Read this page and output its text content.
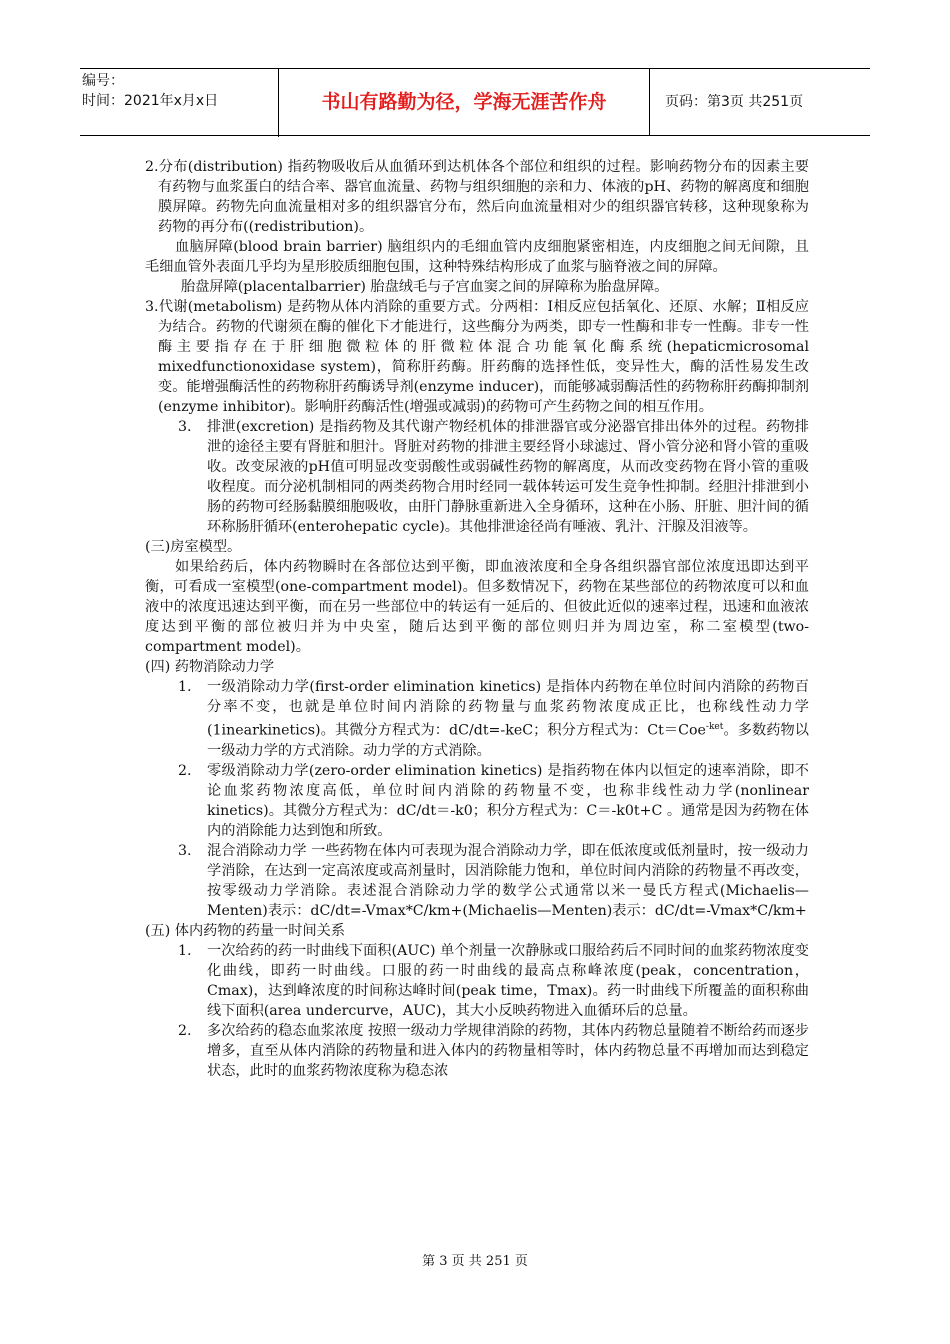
编号：
时间：2021年x月x日	书山有路勤为径，学海无涯苦作舟	页码：第3页 共251页

2.分布(distribution) 指药物吸收后从血循环到达机体各个部位和组织的过程。影响药物分布的因素主要有药物与血浆蛋白的结合率、器官血流量、药物与组织细胞的亲和力、体液的pH、药物的解离度和细胞膜屏障。药物先向血流量相对多的组织器官分布，然后向血流量相对少的组织器官转移，这种现象称为药物的再分布((redistribution)。

血脑屏障(blood brain barrier) 脑组织内的毛细血管内皮细胞紧密相连，内皮细胞之间无间隙，且毛细血管外表面几乎均为星形胶质细胞包围，这种特殊结构形成了血浆与脑脊液之间的屏障。

胎盘屏障(placentalbarrier) 胎盘绒毛与子宫血窦之间的屏障称为胎盘屏障。

3.代谢(metabolism) 是药物从体内消除的重要方式。分两相：I相反应包括氧化、还原、水解；Ⅱ相反应为结合。药物的代谢须在酶的催化下才能进行，这些酶分为两类，即专一性酶和非专一性酶。非专一性酶主要指存在于肝细胞微粒体的肝微粒体混合功能氧化酶系统(hepaticmicrosomal mixedfunctionoxidase system)，简称肝药酶。肝药酶的选择性低，变异性大，酶的活性易发生改变。能增强酶活性的药物称肝药酶诱导剂(enzyme inducer)，而能够减弱酶活性的药物称肝药酶抑制剂(enzyme inhibitor)。影响肝药酶活性(增强或减弱)的药物可产生药物之间的相互作用。

3. 排泄(excretion) 是指药物及其代谢产物经机体的排泄器官或分泌器官排出体外的过程。药物排泄的途径主要有肾脏和胆汁。肾脏对药物的排泄主要经肾小球滤过、肾小管分泌和肾小管的重吸收。改变尿液的pH值可明显改变弱酸性或弱碱性药物的解离度，从而改变药物在肾小管的重吸收程度。而分泌机制相同的两类药物合用时经同一载体转运可发生竞争性抑制。经胆汁排泄到小肠的药物可经肠黏膜细胞吸收，由肝门静脉重新进入全身循环，这种在小肠、肝脏、胆汁间的循环称肠肝循环(enterohepatic cycle)。其他排泄途径尚有唾液、乳汁、汗腺及泪液等。

(三)房室模型。

如果给药后，体内药物瞬时在各部位达到平衡，即血液浓度和全身各组织器官部位浓度迅即达到平衡，可看成一室模型(one-compartment model)。但多数情况下，药物在某些部位的药物浓度可以和血液中的浓度迅速达到平衡，而在另一些部位中的转运有一延后的、但彼此近似的速率过程，迅速和血液浓度达到平衡的部位被归并为中央室，随后达到平衡的部位则归并为周边室，称二室模型(two-compartment model)。

(四) 药物消除动力学

1. 一级消除动力学(first-order elimination kinetics) 是指体内药物在单位时间内消除的药物百分率不变，也就是单位时间内消除的药物量与血浆药物浓度成正比，也称线性动力学(1inearkinetics)。其微分方程式为：dC/dt=-keC；积分方程式为：Ct＝Coe$^{-ket}$。多数药物以一级动力学的方式消除。动力学的方式消除。
2. 零级消除动力学(zero-order elimination kinetics) 是指药物在体内以恒定的速率消除，即不论血浆药物浓度高低，单位时间内消除的药物量不变，也称非线性动力学(nonlinear kinetics)。其微分方程式为：dC/dt＝-k0；积分方程式为：C＝-k0t+C 。通常是因为药物在体内的消除能力达到饱和所致。
3. 混合消除动力学 一些药物在体内可表现为混合消除动力学，即在低浓度或低剂量时，按一级动力学消除，在达到一定高浓度或高剂量时，因消除能力饱和，单位时间内消除的药物量不再改变，按零级动力学消除。表述混合消除动力学的数学公式通常以米一曼氏方程式(Michaelis—Menten)表示：dC/dt=-Vmax*C/km+(Michaelis—Menten)表示：dC/dt=-Vmax*C/km+

(五) 体内药物的药量一时间关系

1. 一次给药的药一时曲线下面积(AUC) 单个剂量一次静脉或口服给药后不同时间的血浆药物浓度变化曲线，即药一时曲线。口服的药一时曲线的最高点称峰浓度(peak，concentration，Cmax)，达到峰浓度的时间称达峰时间(peak time，Tmax)。药一时曲线下所覆盖的面积称曲线下面积(area undercurve，AUC)，其大小反映药物进入血循环后的总量。
2. 多次给药的稳态血浆浓度 按照一级动力学规律消除的药物，其体内药物总量随着不断给药而逐步增多，直至从体内消除的药物量和进入体内的药物量相等时，体内药物总量不再增加而达到稳定状态，此时的血浆药物浓度称为稳态浓
第 3 页 共 251 页
